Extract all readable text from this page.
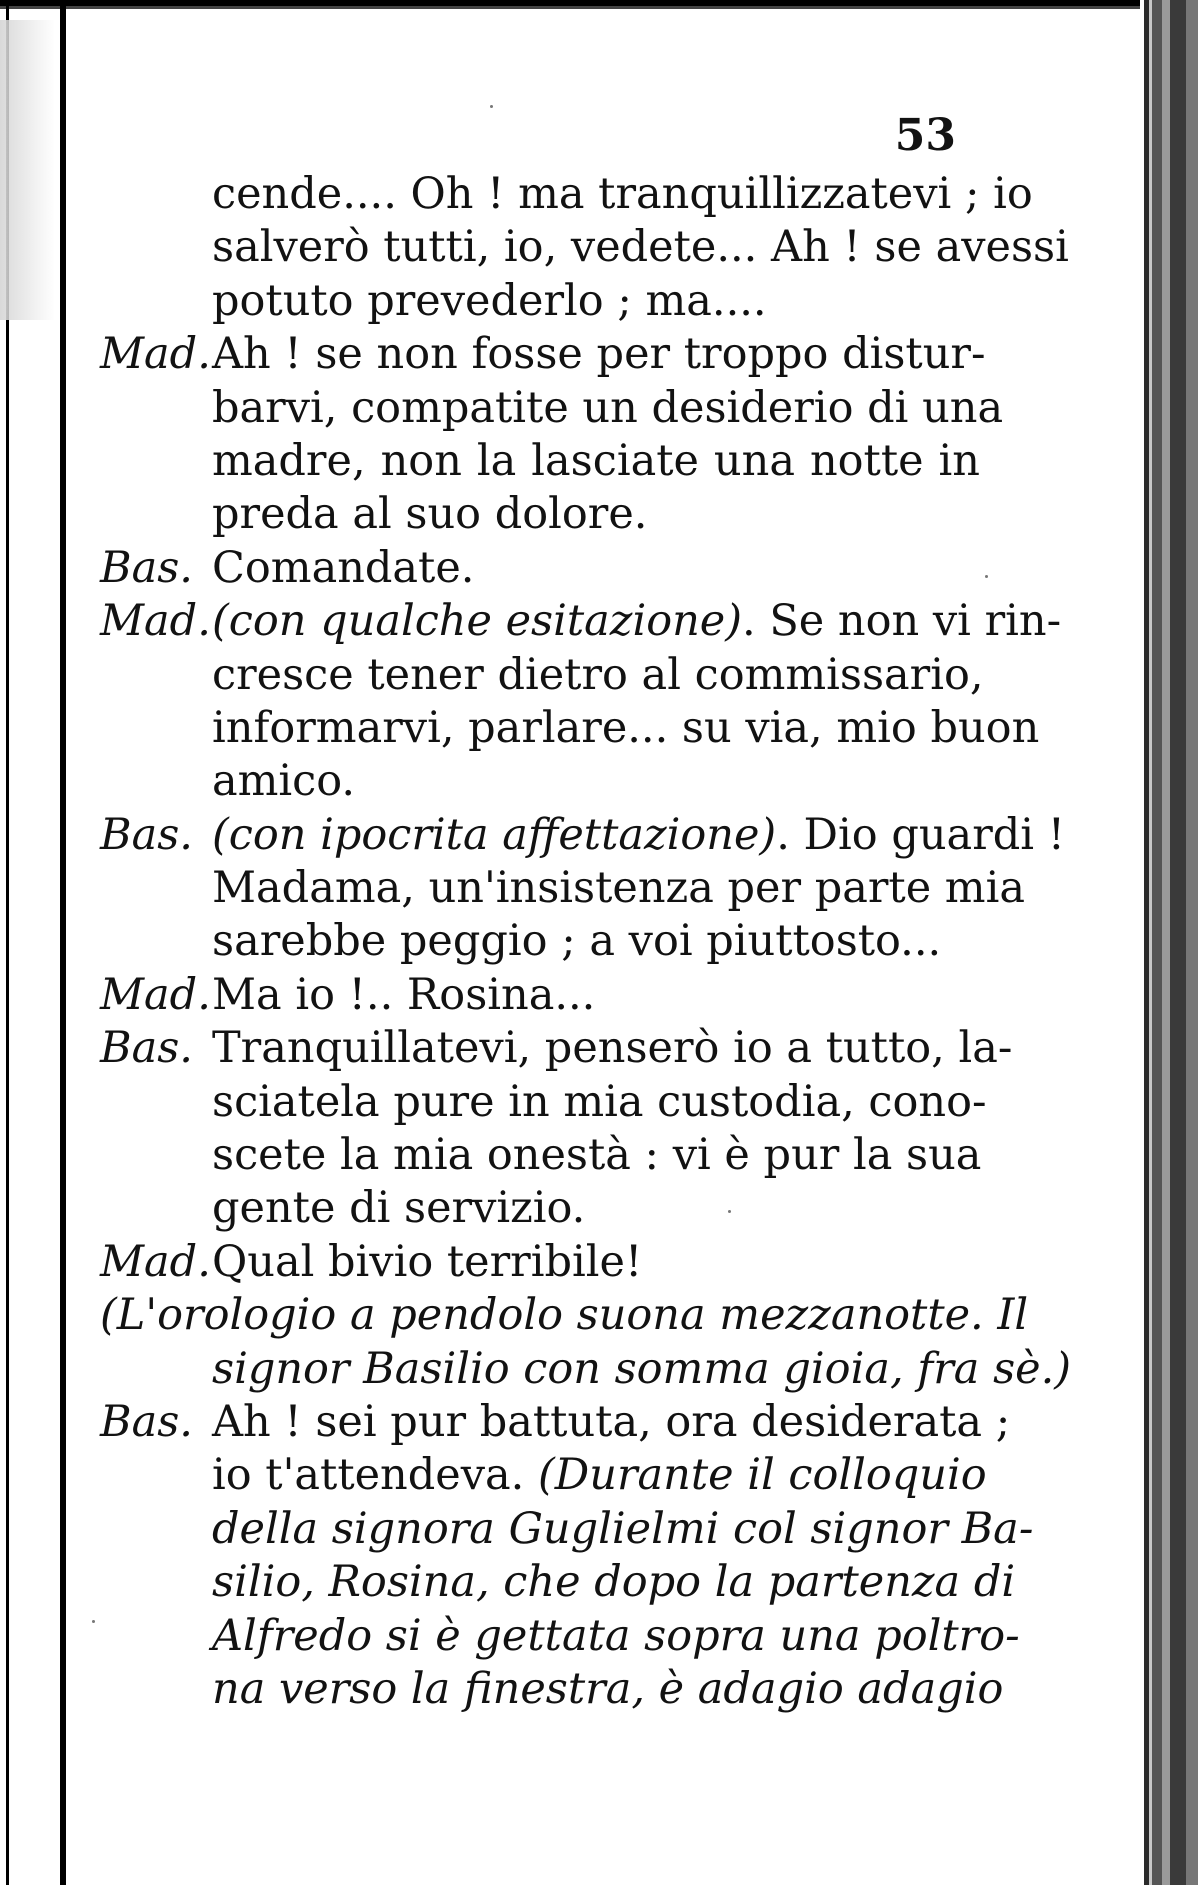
53
cende.... Oh ! ma tranquillizzatevi ; io
salverò tutti, io, vedete... Ah ! se avessi
potuto prevederlo ; ma....
Mad. Ah ! se non fosse per troppo distur-
barvi, compatite un desiderio di una
madre, non la lasciate una notte in
preda al suo dolore.
Bas. Comandate.
Mad. (con qualche esitazione). Se non vi rin-
cresce tener dietro al commissario,
informarvi, parlare... su via, mio buon
amico.
Bas. (con ipocrita affettazione). Dio guardi !
Madama, un'insistenza per parte mia
sarebbe peggio ; a voi piuttosto...
Mad. Ma io !.. Rosina...
Bas. Tranquillatevi, penserò io a tutto, la-
sciatela pure in mia custodia, cono-
scete la mia onestà : vi è pur la sua
gente di servizio.
Mad. Qual bivio terribile!
(L'orologio a pendolo suona mezzanotte. Il
signor Basilio con somma gioia, fra sè.)
Bas. Ah ! sei pur battuta, ora desiderata ;
io t'attendeva. (Durante il colloquio
della signora Guglielmi col signor Ba-
silio, Rosina, che dopo la partenza di
Alfredo si è gettata sopra una poltro-
na verso la finestra, è adagio adagio
